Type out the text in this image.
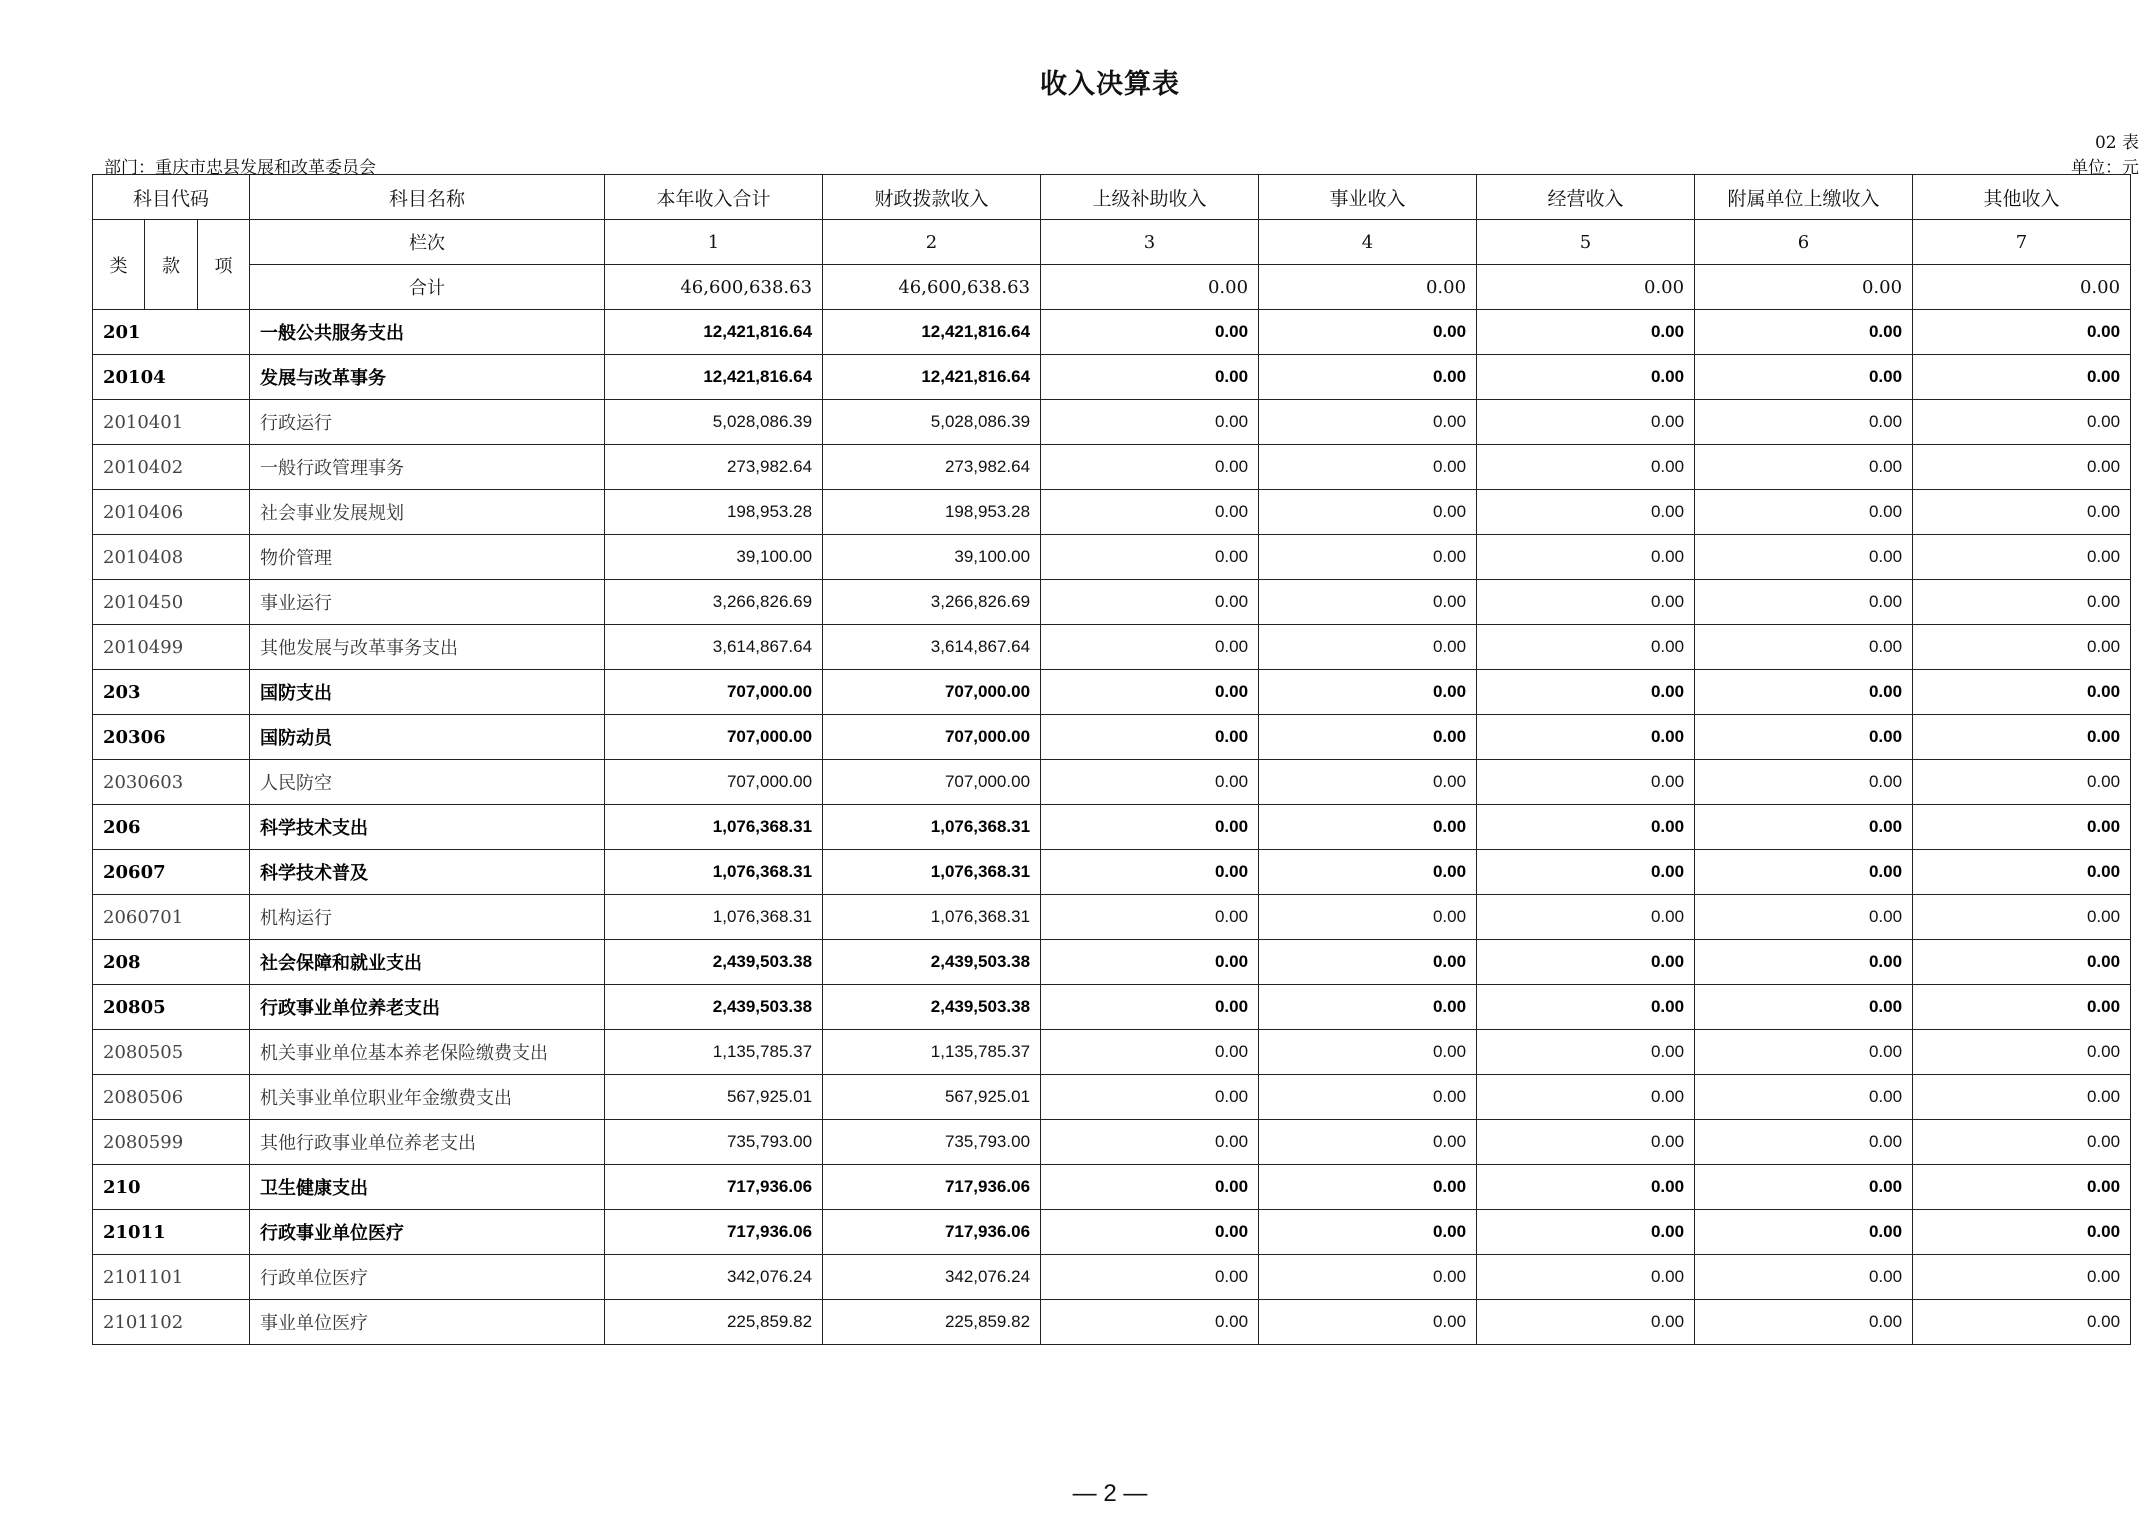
收入决算表
02 表
部门：重庆市忠县发展和改革委员会	单位：元
科目代码			科目名称	本年收入合计	财政拨款收入	上级补助收入	事业收入	经营收入	附属单位上缴收入	其他收入
类	款	项	栏次	1	2	3	4	5	6	7
			合计	46,600,638.63	46,600,638.63	0.00	0.00	0.00	0.00	0.00
201			一般公共服务支出	12,421,816.64	12,421,816.64	0.00	0.00	0.00	0.00	0.00
20104			发展与改革事务	12,421,816.64	12,421,816.64	0.00	0.00	0.00	0.00	0.00
2010401			行政运行	5,028,086.39	5,028,086.39	0.00	0.00	0.00	0.00	0.00
2010402			一般行政管理事务	273,982.64	273,982.64	0.00	0.00	0.00	0.00	0.00
2010406			社会事业发展规划	198,953.28	198,953.28	0.00	0.00	0.00	0.00	0.00
2010408			物价管理	39,100.00	39,100.00	0.00	0.00	0.00	0.00	0.00
2010450			事业运行	3,266,826.69	3,266,826.69	0.00	0.00	0.00	0.00	0.00
2010499			其他发展与改革事务支出	3,614,867.64	3,614,867.64	0.00	0.00	0.00	0.00	0.00
203			国防支出	707,000.00	707,000.00	0.00	0.00	0.00	0.00	0.00
20306			国防动员	707,000.00	707,000.00	0.00	0.00	0.00	0.00	0.00
2030603			人民防空	707,000.00	707,000.00	0.00	0.00	0.00	0.00	0.00
206			科学技术支出	1,076,368.31	1,076,368.31	0.00	0.00	0.00	0.00	0.00
20607			科学技术普及	1,076,368.31	1,076,368.31	0.00	0.00	0.00	0.00	0.00
2060701			机构运行	1,076,368.31	1,076,368.31	0.00	0.00	0.00	0.00	0.00
208			社会保障和就业支出	2,439,503.38	2,439,503.38	0.00	0.00	0.00	0.00	0.00
20805			行政事业单位养老支出	2,439,503.38	2,439,503.38	0.00	0.00	0.00	0.00	0.00
2080505			机关事业单位基本养老保险缴费支出	1,135,785.37	1,135,785.37	0.00	0.00	0.00	0.00	0.00
2080506			机关事业单位职业年金缴费支出	567,925.01	567,925.01	0.00	0.00	0.00	0.00	0.00
2080599			其他行政事业单位养老支出	735,793.00	735,793.00	0.00	0.00	0.00	0.00	0.00
210			卫生健康支出	717,936.06	717,936.06	0.00	0.00	0.00	0.00	0.00
21011			行政事业单位医疗	717,936.06	717,936.06	0.00	0.00	0.00	0.00	0.00
2101101			行政单位医疗	342,076.24	342,076.24	0.00	0.00	0.00	0.00	0.00
2101102			事业单位医疗	225,859.82	225,859.82	0.00	0.00	0.00	0.00	0.00
— 2 —
